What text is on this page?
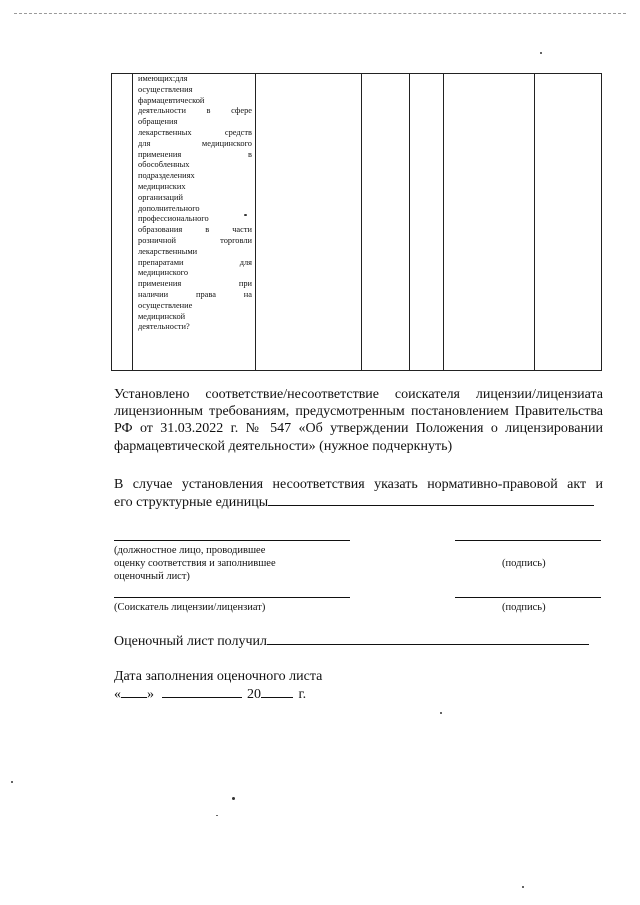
имеющих:для
осуществления
фармацевтической
деятельности в сфере
обращения
лекарственных средств
для медицинского
применения в
обособленных
подразделениях
медицинских
организаций
дополнительного
профессионального
образования в части
розничной торговли
лекарственными
препаратами для
медицинского
применения при
наличии права на
осуществление
медицинской
деятельности?

Установлено соответствие/несоответствие соискателя лицензии/лицензиата лицензионным требованиям, предусмотренным постановлением Правительства РФ от 31.03.2022 г. № 547 «Об утверждении Положения о лицензировании фармацевтической деятельности» (нужное подчеркнуть)
В случае установления несоответствия указать нормативно-правовой акт и
его структурные единицы
(должностное лицо, проводившее
оценку соответствия и заполнившее
оценочный лист)
(подпись)
(Соискатель лицензии/лицензиат)	(подпись)
Оценочный лист получил
Дата заполнения оценочного листа
« »	20	г.
